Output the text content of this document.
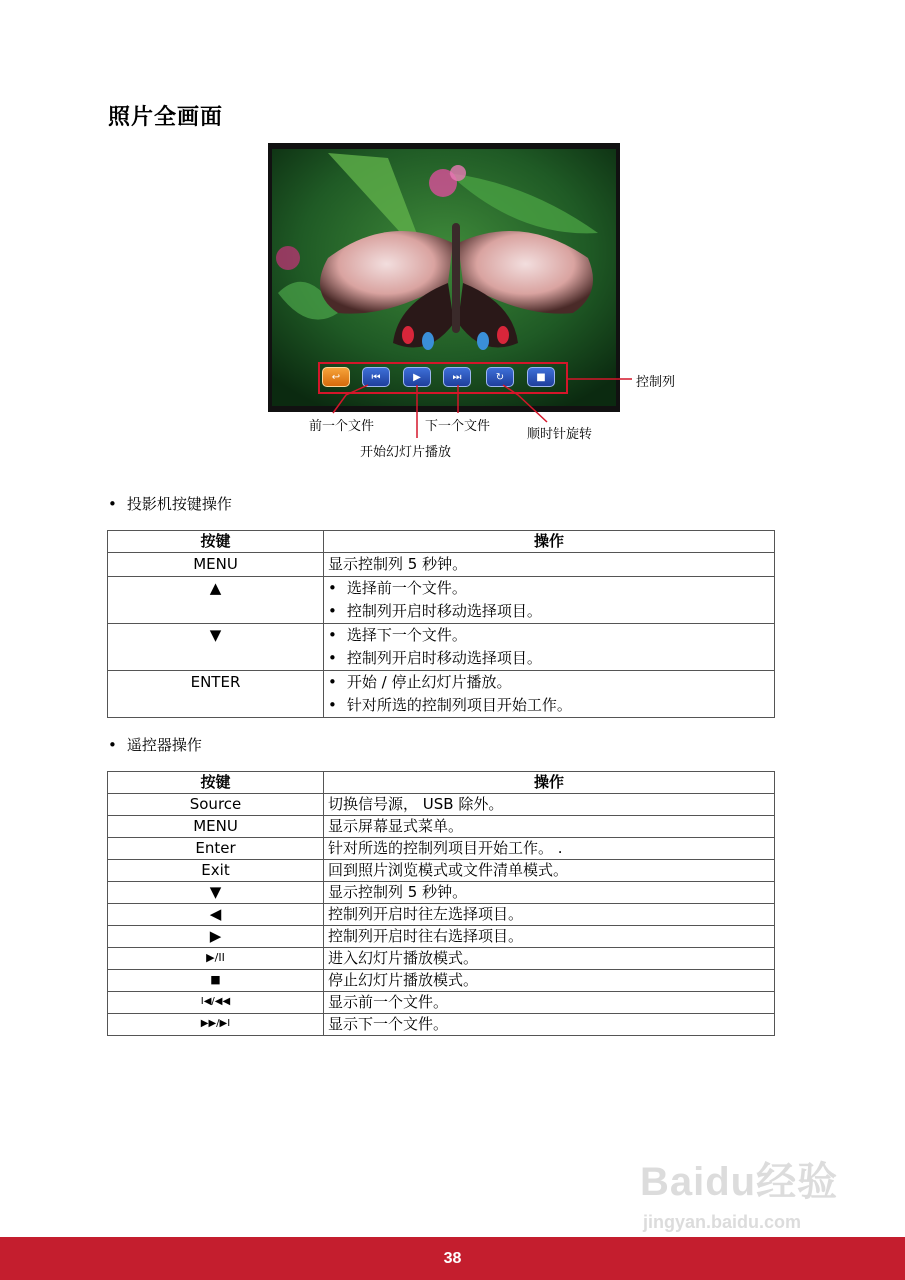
照片全画面
↩	⏮	▶	⏭	↻	■	控制列
前一个文件	下一个文件
顺时针旋转
开始幻灯片播放
• 投影机按键操作
按键	操作
MENU	显示控制列 5 秒钟。

▲	• 选择前一个文件。
• 控制列开启时移动选择项目。

▼	• 选择下一个文件。
• 控制列开启时移动选择项目。

ENTER	• 开始 / 停止幻灯片播放。
• 针对所选的控制列项目开始工作。
• 遥控器操作
按键	操作
Source	切换信号源， USB 除外。
MENU	显示屏幕显式菜单。
Enter	针对所选的控制列项目开始工作。 .
Exit	回到照片浏览模式或文件清单模式。
▼	显示控制列 5 秒钟。
◀	控制列开启时往左选择项目。
▶	控制列开启时往右选择项目。
▶/II	进入幻灯片播放模式。
■	停止幻灯片播放模式。
I◀/◀◀	显示前一个文件。
▶▶/▶I	显示下一个文件。
Baidu经验
jingyan.baidu.com
38
